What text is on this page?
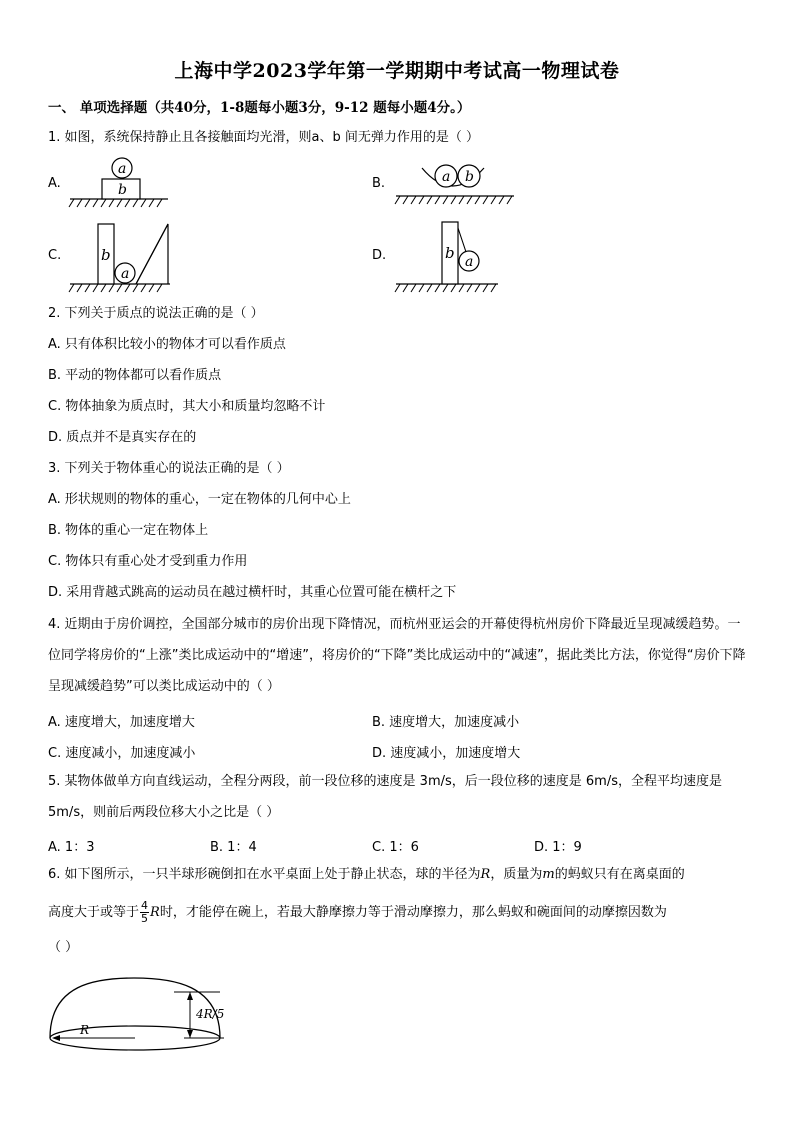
上海中学2023学年第一学期期中考试高一物理试卷
一、 单项选择题（共40分，1-8题每小题3分，9-12 题每小题4分。）
1. 如图，系统保持静止且各接触面均光滑，则a、b 间无弹力作用的是（ ）
A.
a
b	B.	a b
C.	b
a
D.	b a
2. 下列关于质点的说法正确的是（ ）
A. 只有体积比较小的物体才可以看作质点
B. 平动的物体都可以看作质点
C. 物体抽象为质点时，其大小和质量均忽略不计
D. 质点并不是真实存在的
3. 下列关于物体重心的说法正确的是（ ）
A. 形状规则的物体的重心，一定在物体的几何中心上
B. 物体的重心一定在物体上
C. 物体只有重心处才受到重力作用
D. 采用背越式跳高的运动员在越过横杆时，其重心位置可能在横杆之下
4. 近期由于房价调控，全国部分城市的房价出现下降情况，而杭州亚运会的开幕使得杭州房价下降最近呈现减缓趋势。一位同学将房价的“上涨”类比成运动中的“增速”，将房价的“下降”类比成运动中的“减速”，据此类比方法，你觉得“房价下降呈现减缓趋势”可以类比成运动中的（ ）
A. 速度增大，加速度增大	B. 速度增大，加速度减小
C. 速度减小，加速度减小	D. 速度减小，加速度增大
5. 某物体做单方向直线运动，全程分两段，前一段位移的速度是 3m/s，后一段位移的速度是 6m/s，全程平均速度是 5m/s，则前后两段位移大小之比是（ ）
A. 1：3	B. 1：4	C. 1：6	D. 1：9
6. 如下图所示，一只半球形碗倒扣在水平桌面上处于静止状态，球的半径为R，质量为m的蚂蚁只有在离桌面的
高度大于或等于 $\frac{4}{5}$ R时，才能停在碗上，若最大静摩擦力等于滑动摩擦力，那么蚂蚁和碗面间的动摩擦因数为
（ ）
R
4R/5
